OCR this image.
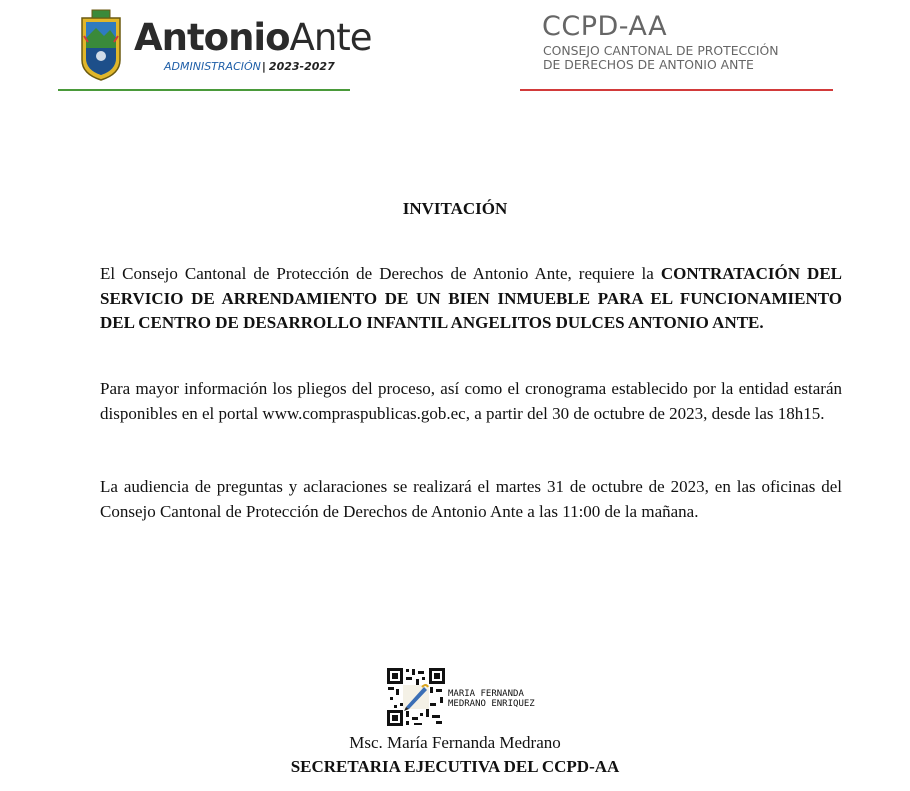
AntonioAnte
ADMINISTRACIÓN| 2023-2027
CCPD-AA
CONSEJO CANTONAL DE PROTECCIÓN
DE DERECHOS DE ANTONIO ANTE
INVITACIÓN

El Consejo Cantonal de Protección de Derechos de Antonio Ante, requiere la CONTRATACIÓN DEL SERVICIO DE ARRENDAMIENTO DE UN BIEN INMUEBLE PARA EL FUNCIONAMIENTO DEL CENTRO DE DESARROLLO INFANTIL ANGELITOS DULCES ANTONIO ANTE.

Para mayor información los pliegos del proceso, así como el cronograma establecido por la entidad estarán disponibles en el portal www.compraspublicas.gob.ec, a partir del 30 de octubre de 2023, desde las 18h15.

La audiencia de preguntas y aclaraciones se realizará el martes 31 de octubre de 2023, en las oficinas del Consejo Cantonal de Protección de Derechos de Antonio Ante a las 11:00 de la mañana.

MARIA FERNANDA
MEDRANO ENRIQUEZ
Msc. María Fernanda Medrano
SECRETARIA EJECUTIVA DEL CCPD-AA
